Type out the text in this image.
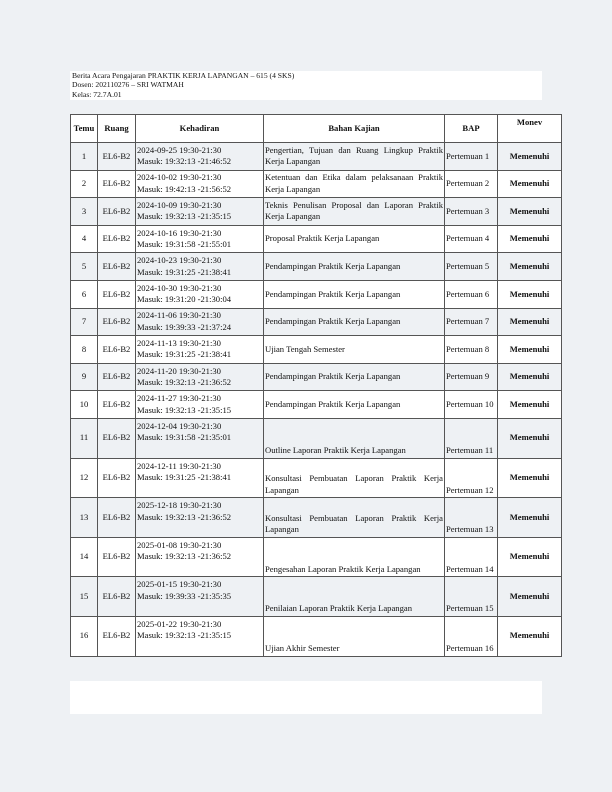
Berita Acara Pengajaran PRAKTIK KERJA LAPANGAN – 615 (4 SKS)
Dosen: 202110276 – SRI WATMAH
Kelas: 72.7A.01
Temu	Ruang	Kehadiran	Bahan Kajian	BAP	Monev
1	EL6-B2	2024-09-25 19:30-21:30
Masuk: 19:32:13 -21:46:52	Pengertian, Tujuan dan Ruang Lingkup Praktik Kerja Lapangan	Pertemuan 1	Memenuhi
2	EL6-B2	2024-10-02 19:30-21:30
Masuk: 19:42:13 -21:56:52	Ketentuan dan Etika dalam pelaksanaan Praktik Kerja Lapangan	Pertemuan 2	Memenuhi
3	EL6-B2	2024-10-09 19:30-21:30
Masuk: 19:32:13 -21:35:15	Teknis Penulisan Proposal dan Laporan Praktik Kerja Lapangan	Pertemuan 3	Memenuhi
4	EL6-B2	2024-10-16 19:30-21:30
Masuk: 19:31:58 -21:55:01	Proposal Praktik Kerja Lapangan	Pertemuan 4	Memenuhi
5	EL6-B2	2024-10-23 19:30-21:30
Masuk: 19:31:25 -21:38:41	Pendampingan Praktik Kerja Lapangan	Pertemuan 5	Memenuhi
6	EL6-B2	2024-10-30 19:30-21:30
Masuk: 19:31:20 -21:30:04	Pendampingan Praktik Kerja Lapangan	Pertemuan 6	Memenuhi
7	EL6-B2	2024-11-06 19:30-21:30
Masuk: 19:39:33 -21:37:24	Pendampingan Praktik Kerja Lapangan	Pertemuan 7	Memenuhi
8	EL6-B2	2024-11-13 19:30-21:30
Masuk: 19:31:25 -21:38:41	Ujian Tengah Semester	Pertemuan 8	Memenuhi
9	EL6-B2	2024-11-20 19:30-21:30
Masuk: 19:32:13 -21:36:52	Pendampingan Praktik Kerja Lapangan	Pertemuan 9	Memenuhi
10	EL6-B2	2024-11-27 19:30-21:30
Masuk: 19:32:13 -21:35:15	Pendampingan Praktik Kerja Lapangan	Pertemuan 10	Memenuhi
11	EL6-B2	2024-12-04 19:30-21:30
Masuk: 19:31:58 -21:35:01	Outline Laporan Praktik Kerja Lapangan	Pertemuan 11	Memenuhi
12	EL6-B2	2024-12-11 19:30-21:30
Masuk: 19:31:25 -21:38:41	Konsultasi Pembuatan Laporan Praktik Kerja Lapangan	Pertemuan 12	Memenuhi
13	EL6-B2	2025-12-18 19:30-21:30
Masuk: 19:32:13 -21:36:52	Konsultasi Pembuatan Laporan Praktik Kerja Lapangan	Pertemuan 13	Memenuhi
14	EL6-B2	2025-01-08 19:30-21:30
Masuk: 19:32:13 -21:36:52	Pengesahan Laporan Praktik Kerja Lapangan	Pertemuan 14	Memenuhi
15	EL6-B2	2025-01-15 19:30-21:30
Masuk: 19:39:33 -21:35:35	Penilaian Laporan Praktik Kerja Lapangan	Pertemuan 15	Memenuhi
16	EL6-B2	2025-01-22 19:30-21:30
Masuk: 19:32:13 -21:35:15	Ujian Akhir Semester	Pertemuan 16	Memenuhi
